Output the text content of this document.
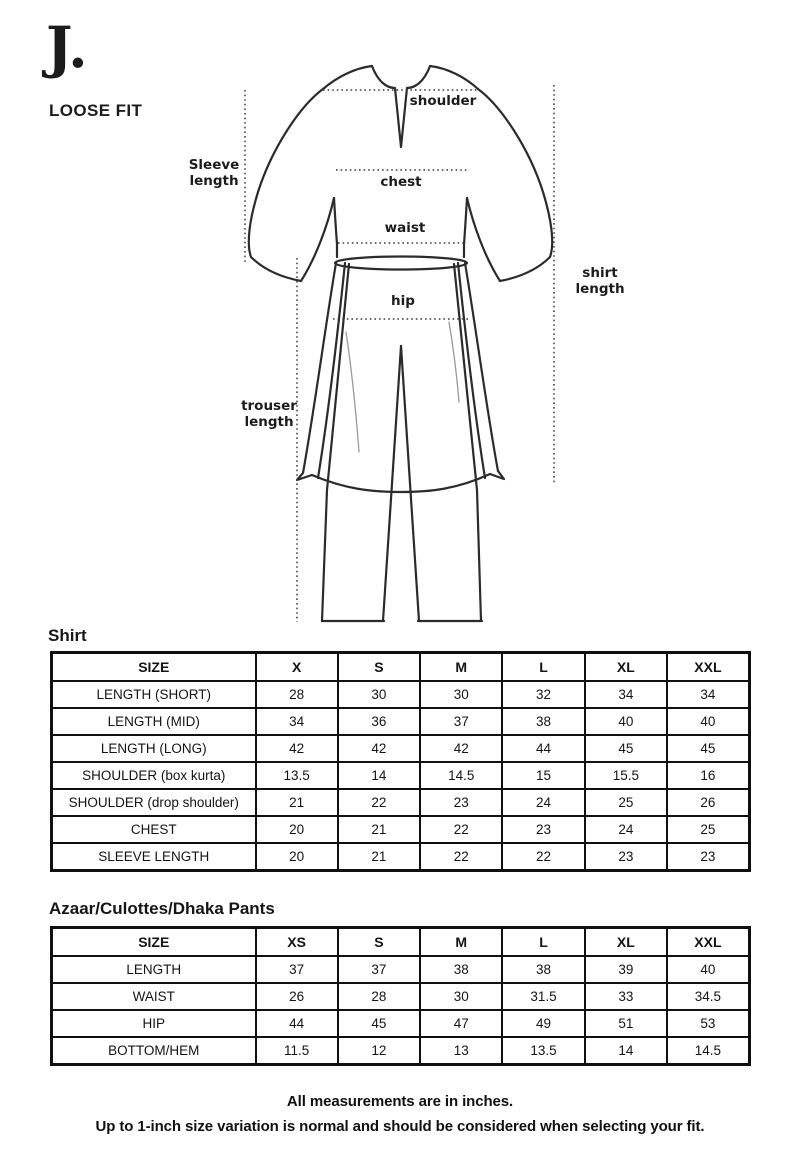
J.
LOOSE FIT	shoulder
chest
waist
hip
Sleeve length
shirt length
trouser length
Shirt
SIZE	X	S	M	L	XL	XXL
LENGTH (SHORT)	28	30	30	32	34	34
LENGTH (MID)	34	36	37	38	40	40
LENGTH (LONG)	42	42	42	44	45	45
SHOULDER (box kurta)	13.5	14	14.5	15	15.5	16
SHOULDER (drop shoulder)	21	22	23	24	25	26
CHEST	20	21	22	23	24	25
SLEEVE LENGTH	20	21	22	22	23	23
Azaar/Culottes/Dhaka Pants
SIZE	XS	S	M	L	XL	XXL
LENGTH	37	37	38	38	39	40
WAIST	26	28	30	31.5	33	34.5
HIP	44	45	47	49	51	53
BOTTOM/HEM	11.5	12	13	13.5	14	14.5
All measurements are in inches.
Up to 1-inch size variation is normal and should be considered when selecting your fit.
